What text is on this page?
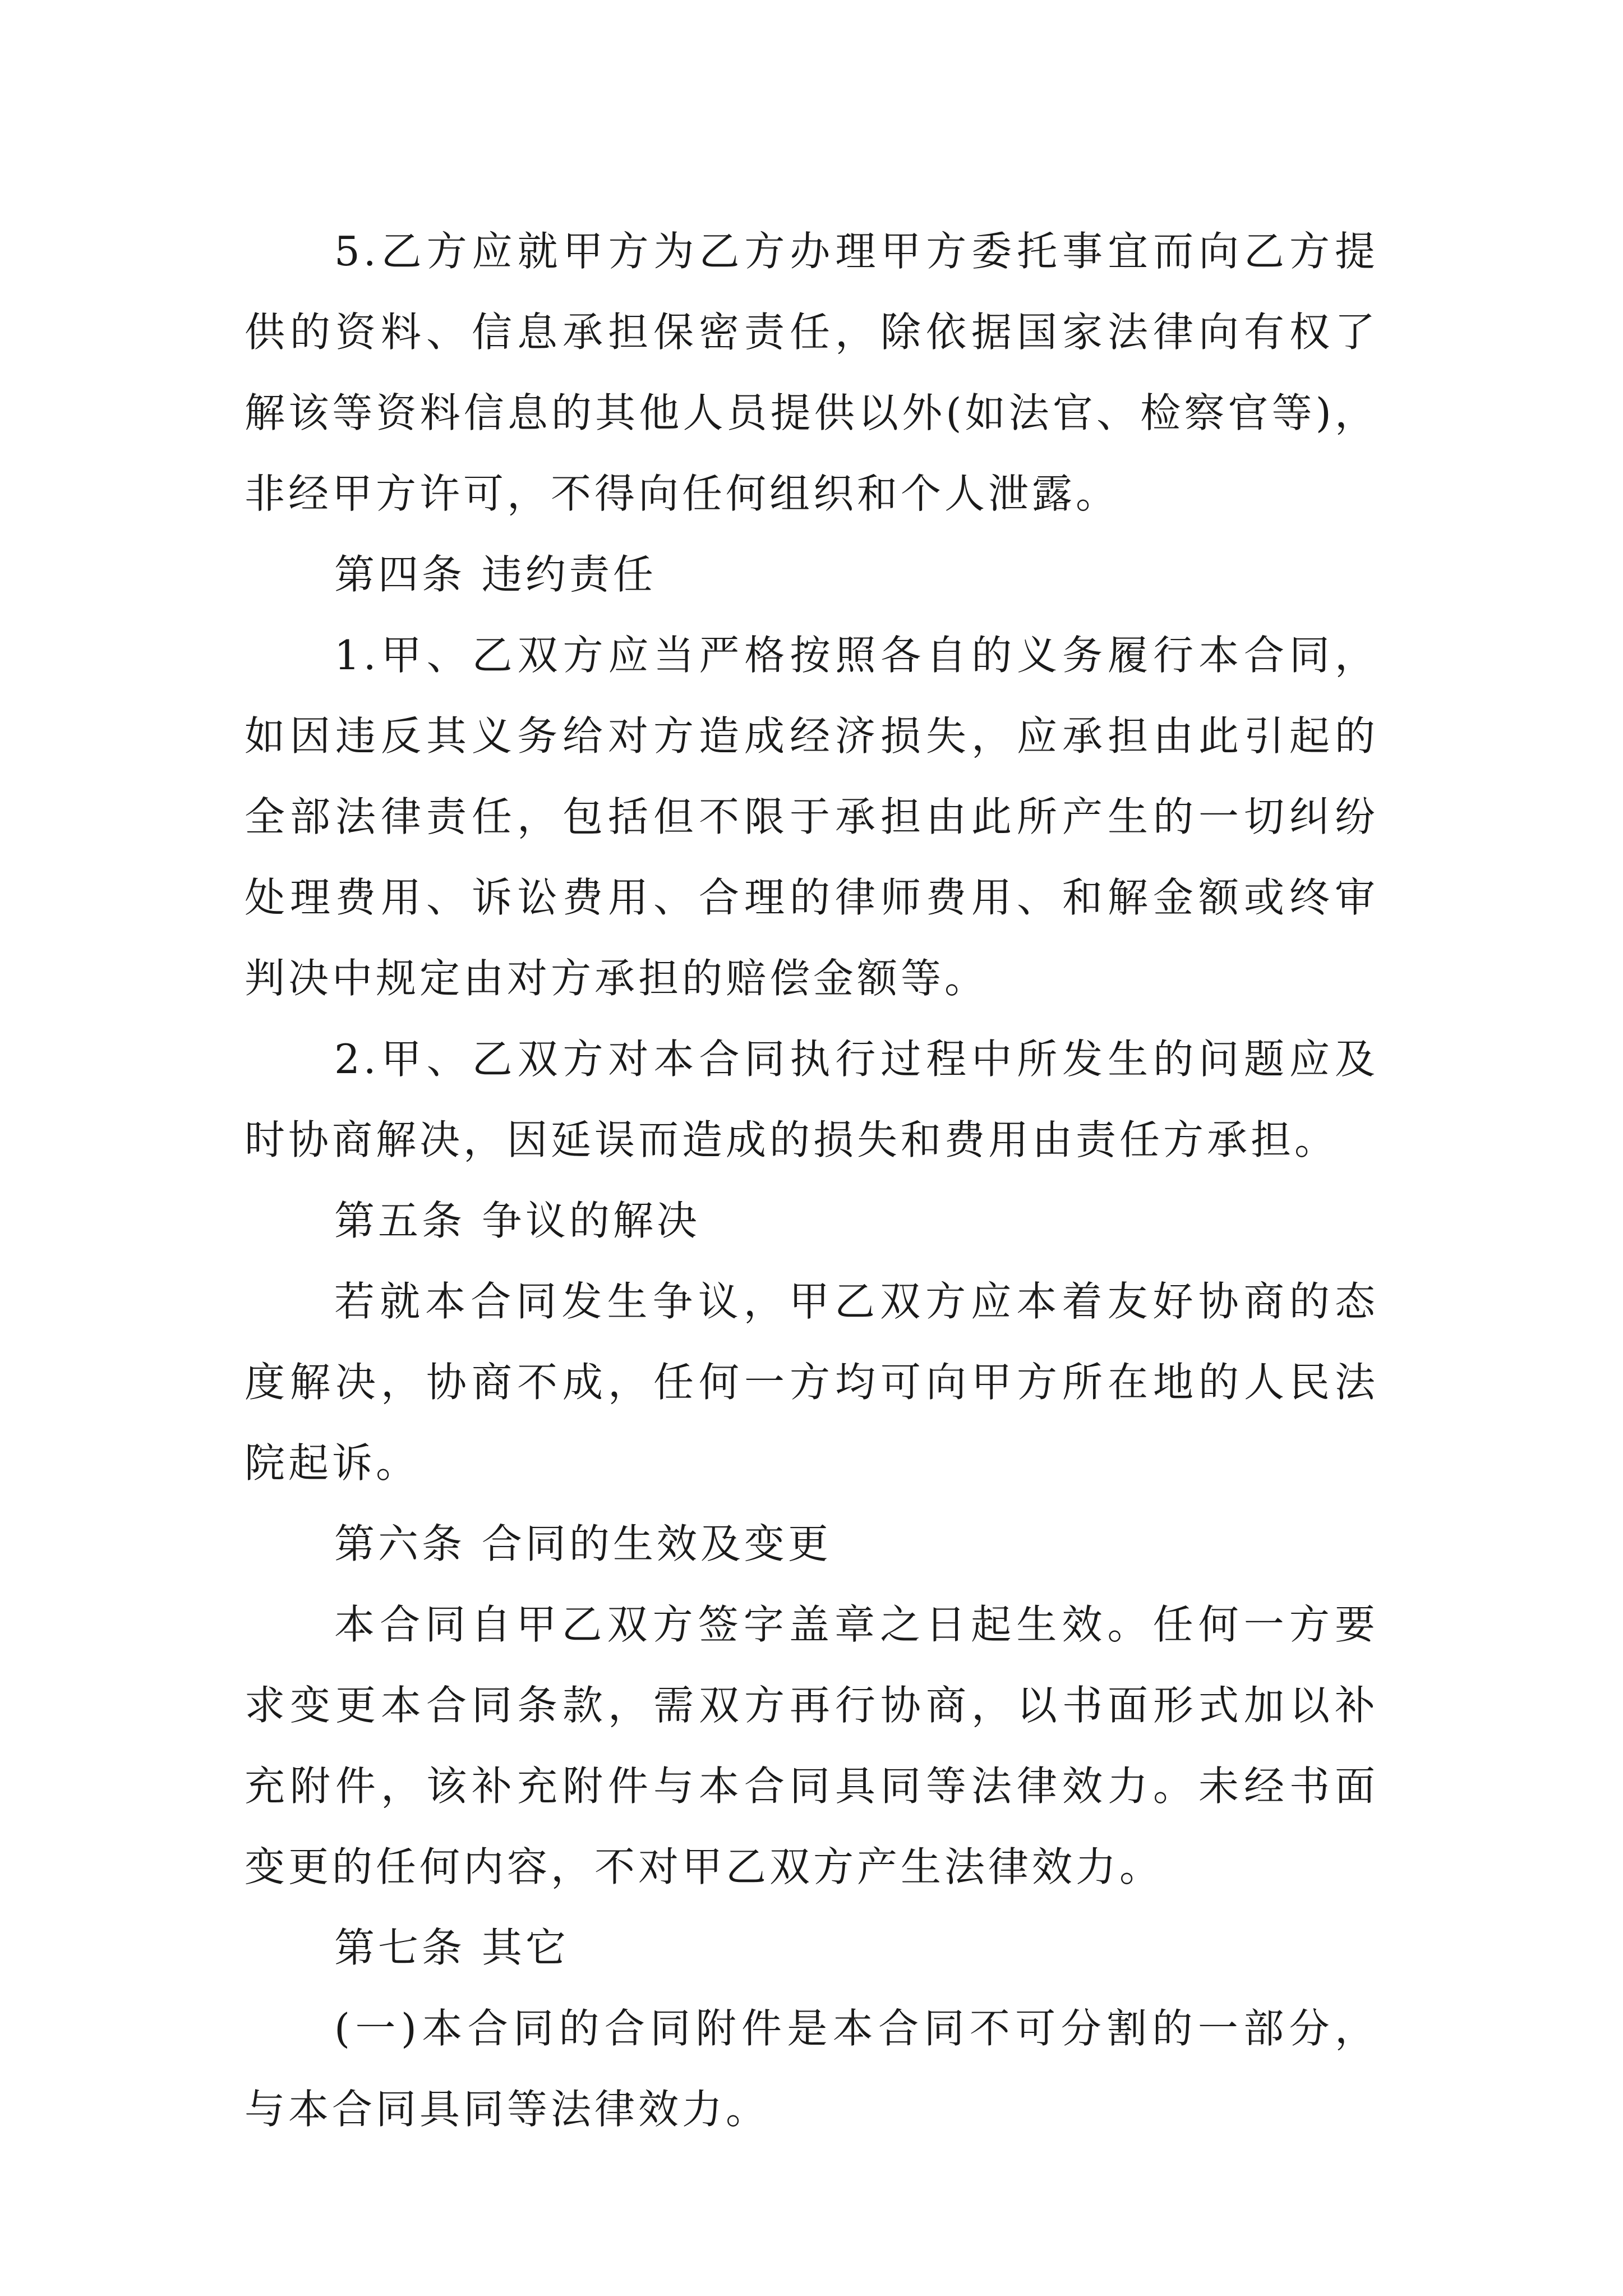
5.乙方应就甲方为乙方办理甲方委托事宜而向乙方提供的资料、信息承担保密责任，除依据国家法律向有权了解该等资料信息的其他人员提供以外(如法官、检察官等)，非经甲方许可，不得向任何组织和个人泄露。

第四条 违约责任

1.甲、乙双方应当严格按照各自的义务履行本合同，如因违反其义务给对方造成经济损失，应承担由此引起的全部法律责任，包括但不限于承担由此所产生的一切纠纷处理费用、诉讼费用、合理的律师费用、和解金额或终审判决中规定由对方承担的赔偿金额等。

2.甲、乙双方对本合同执行过程中所发生的问题应及时协商解决，因延误而造成的损失和费用由责任方承担。

第五条 争议的解决

若就本合同发生争议，甲乙双方应本着友好协商的态度解决，协商不成，任何一方均可向甲方所在地的人民法院起诉。

第六条 合同的生效及变更

本合同自甲乙双方签字盖章之日起生效。任何一方要求变更本合同条款，需双方再行协商，以书面形式加以补充附件，该补充附件与本合同具同等法律效力。未经书面变更的任何内容，不对甲乙双方产生法律效力。

第七条 其它

(一)本合同的合同附件是本合同不可分割的一部分，与本合同具同等法律效力。
